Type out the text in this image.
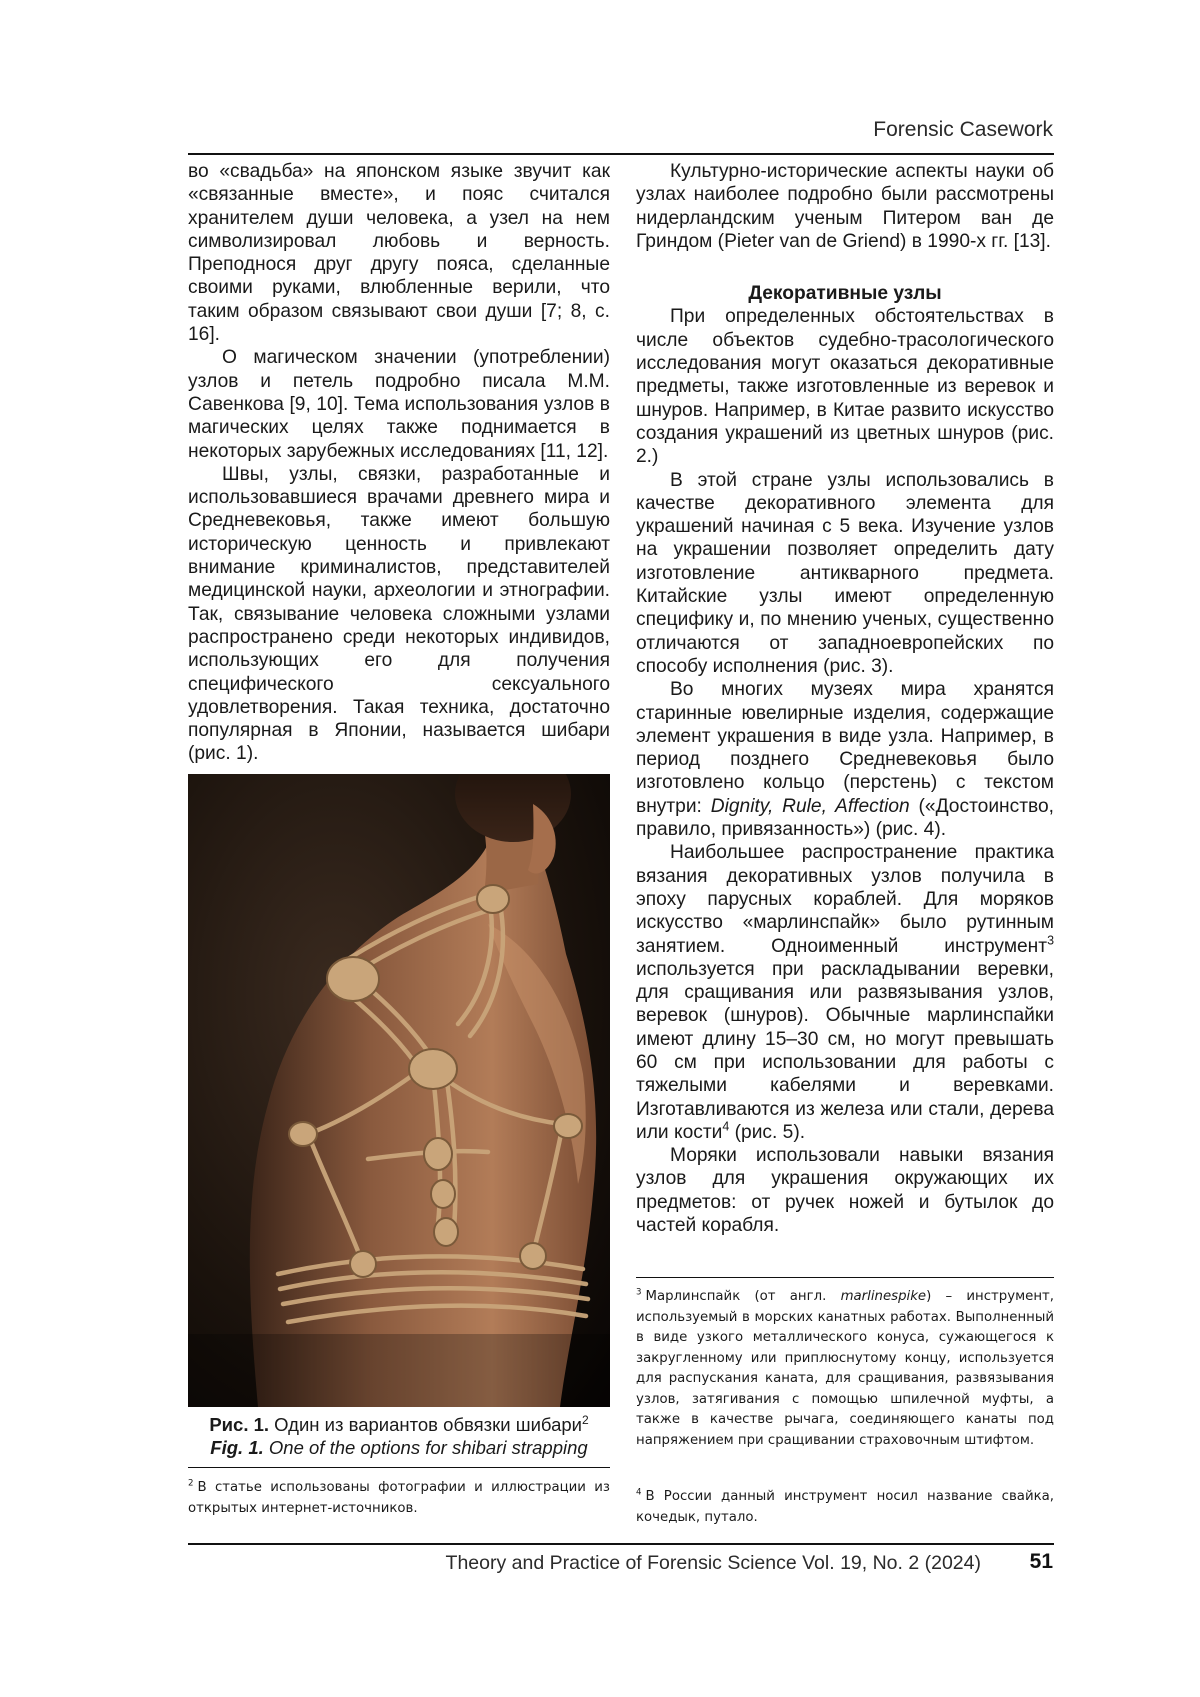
Forensic Casework

во «свадьба» на японском языке звучит как «связанные вместе», и пояс считался хранителем души человека, а узел на нем символизировал любовь и верность. Преподнося друг другу пояса, сделанные своими руками, влюбленные верили, что таким образом связывают свои души [7; 8, с. 16].

О магическом значении (употреблении) узлов и петель подробно писала М.М. Савенкова [9, 10]. Тема использования узлов в магических целях также поднимается в некоторых зарубежных исследованиях [11, 12].

Швы, узлы, связки, разработанные и использовавшиеся врачами древнего мира и Средневековья, также имеют большую историческую ценность и привлекают внимание криминалистов, представителей медицинской науки, археологии и этнографии. Так, связывание человека сложными узлами распространено среди некоторых индивидов, использующих его для получения специфического сексуального удовлетворения. Такая техника, достаточно популярная в Японии, называется шибари (рис. 1).

Рис. 1. Один из вариантов обвязки шибари$^2$
Fig. 1. One of the options for shibari strapping
$^2$ В статье использованы фотографии и иллюстрации из открытых интернет-источников.

Культурно-исторические аспекты науки об узлах наиболее подробно были рассмотрены нидерландским ученым Питером ван де Гриндом (Pieter van de Griend) в 1990-х гг. [13].

Декоративные узлы

При определенных обстоятельствах в числе объектов судебно-трасологического исследования могут оказаться декоративные предметы, также изготовленные из веревок и шнуров. Например, в Китае развито искусство создания украшений из цветных шнуров (рис. 2.)

В этой стране узлы использовались в качестве декоративного элемента для украшений начиная с 5 века. Изучение узлов на украшении позволяет определить дату изготовление антикварного предмета. Китайские узлы имеют определенную специфику и, по мнению ученых, существенно отличаются от западноевропейских по способу исполнения (рис. 3).

Во многих музеях мира хранятся старинные ювелирные изделия, содержащие элемент украшения в виде узла. Например, в период позднего Средневековья было изготовлено кольцо (перстень) с текстом внутри: Dignity, Rule, Affection («Достоинство, правило, привязанность») (рис. 4).

Наибольшее распространение практика вязания декоративных узлов получила в эпоху парусных кораблей. Для моряков искусство «марлинспайк» было рутинным занятием. Одноименный инструмент$^3$ используется при раскладывании веревки, для сращивания или развязывания узлов, веревок (шнуров). Обычные марлинспайки имеют длину 15–30 см, но могут превышать 60 см при использовании для работы с тяжелыми кабелями и веревками. Изготавливаются из железа или стали, дерева или кости$^4$ (рис. 5).

Моряки использовали навыки вязания узлов для украшения окружающих их предметов: от ручек ножей и бутылок до частей корабля.

$^3$ Марлинспайк (от англ. marlinespike) – инструмент, используемый в морских канатных работах. Выполненный в виде узкого металлического конуса, сужающегося к закругленному или приплюснутому концу, используется для распускания каната, для сращивания, развязывания узлов, затягивания с помощью шпилечной муфты, а также в качестве рычага, соединяющего канаты под напряжением при сращивании страховочным штифтом.
$^4$ В России данный инструмент носил название свайка, кочедык, путало.
Theory and Practice of Forensic Science Vol. 19, No. 2 (2024) 51
